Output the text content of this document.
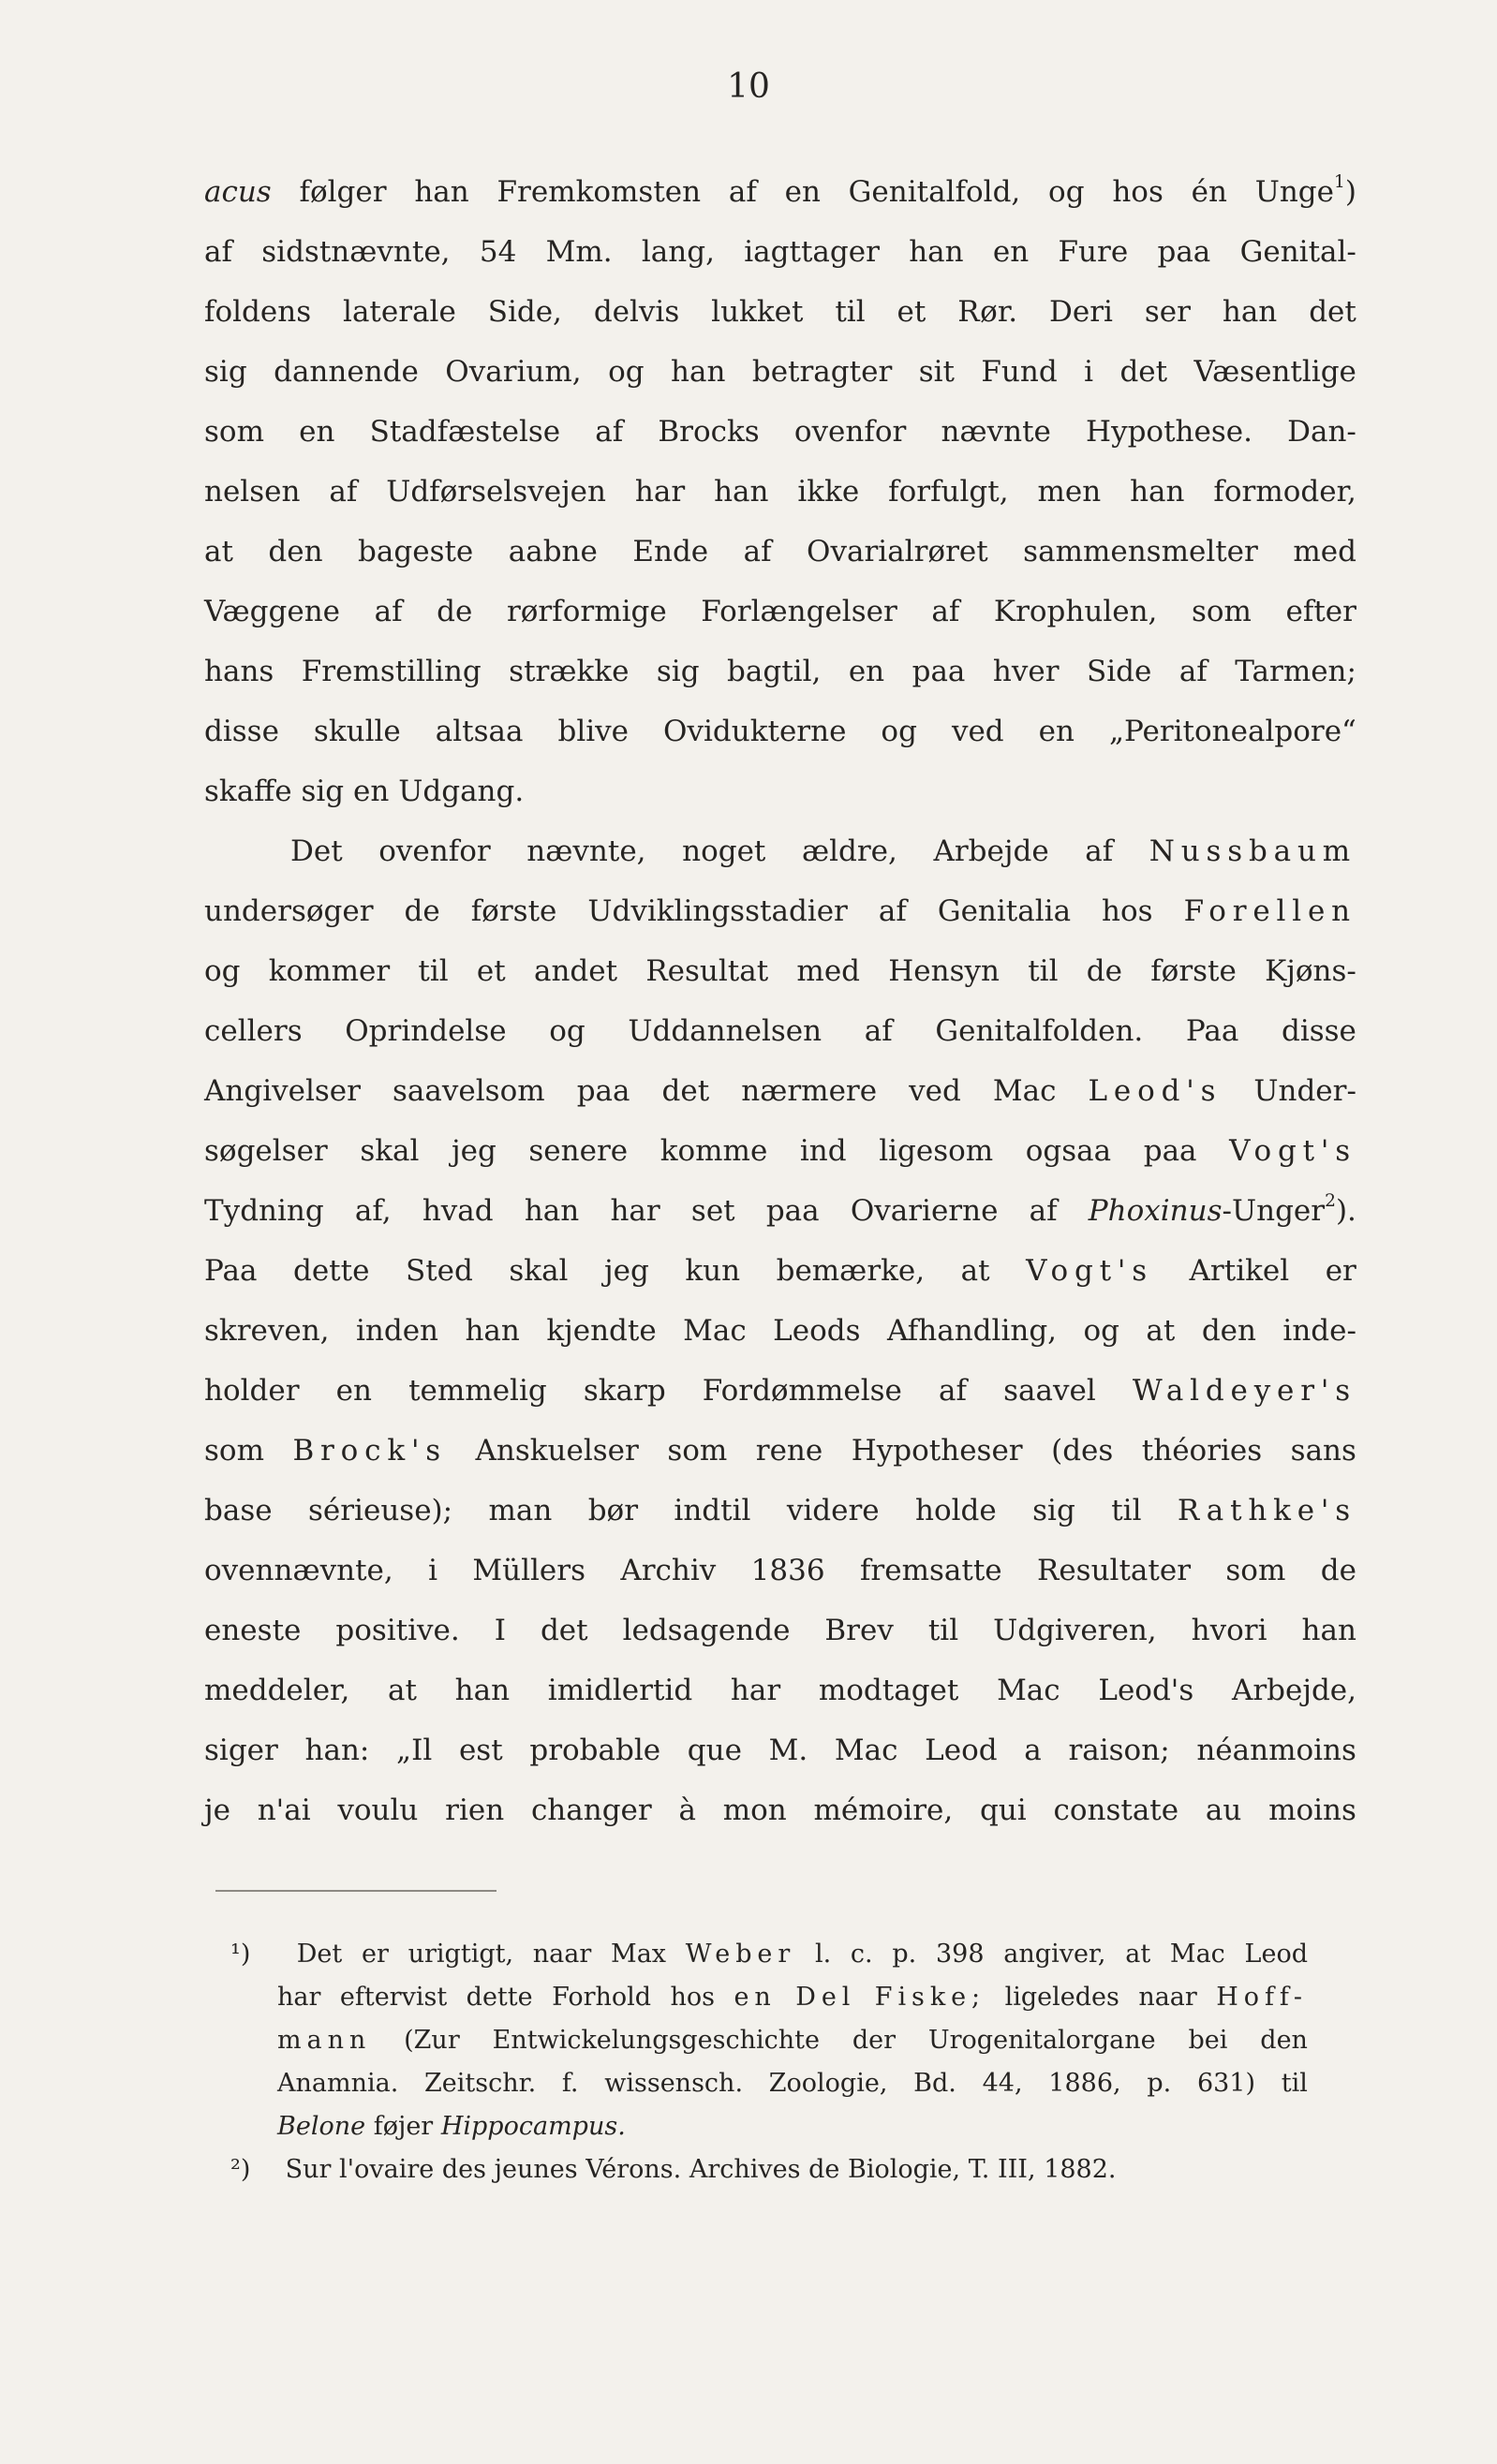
10
acus følger han Fremkomsten af en Genitalfold, og hos én Unge$^1$)
af sidstnævnte, 54 Mm. lang, iagttager han en Fure paa Genital-
foldens laterale Side, delvis lukket til et Rør. Deri ser han det
sig dannende Ovarium, og han betragter sit Fund i det Væsentlige
som en Stadfæstelse af Brocks ovenfor nævnte Hypothese. Dan-
nelsen af Udførselsvejen har han ikke forfulgt, men han formoder,
at den bageste aabne Ende af Ovarialrøret sammensmelter med
Væggene af de rørformige Forlængelser af Krophulen, som efter
hans Fremstilling strække sig bagtil, en paa hver Side af Tarmen;
disse skulle altsaa blive Ovidukterne og ved en „Peritonealpore“
skaffe sig en Udgang.
Det ovenfor nævnte, noget ældre, Arbejde af Nussbaum
undersøger de første Udviklingsstadier af Genitalia hos Forellen
og kommer til et andet Resultat med Hensyn til de første Kjøns-
cellers Oprindelse og Uddannelsen af Genitalfolden. Paa disse
Angivelser saavelsom paa det nærmere ved Mac Leod's Under-
søgelser skal jeg senere komme ind ligesom ogsaa paa Vogt's
Tydning af, hvad han har set paa Ovarierne af Phoxinus-Unger$^2$).
Paa dette Sted skal jeg kun bemærke, at Vogt's Artikel er
skreven, inden han kjendte Mac Leods Afhandling, og at den inde-
holder en temmelig skarp Fordømmelse af saavel Waldeyer's
som Brock's Anskuelser som rene Hypotheser (des théories sans
base sérieuse); man bør indtil videre holde sig til Rathke's
ovennævnte, i Müllers Archiv 1836 fremsatte Resultater som de
eneste positive. I det ledsagende Brev til Udgiveren, hvori han
meddeler, at han imidlertid har modtaget Mac Leod's Arbejde,
siger han: „Il est probable que M. Mac Leod a raison; néanmoins
je n'ai voulu rien changer à mon mémoire, qui constate au moins
¹)	Det er urigtigt, naar Max Weber l. c. p. 398 angiver, at Mac Leod
har eftervist dette Forhold hos en Del Fiske; ligeledes naar Hoff-
mann (Zur Entwickelungsgeschichte der Urogenitalorgane bei den
Anamnia. Zeitschr. f. wissensch. Zoologie, Bd. 44, 1886, p. 631) til
Belone føjer Hippocampus.
²)	Sur l'ovaire des jeunes Vérons. Archives de Biologie, T. III, 1882.
